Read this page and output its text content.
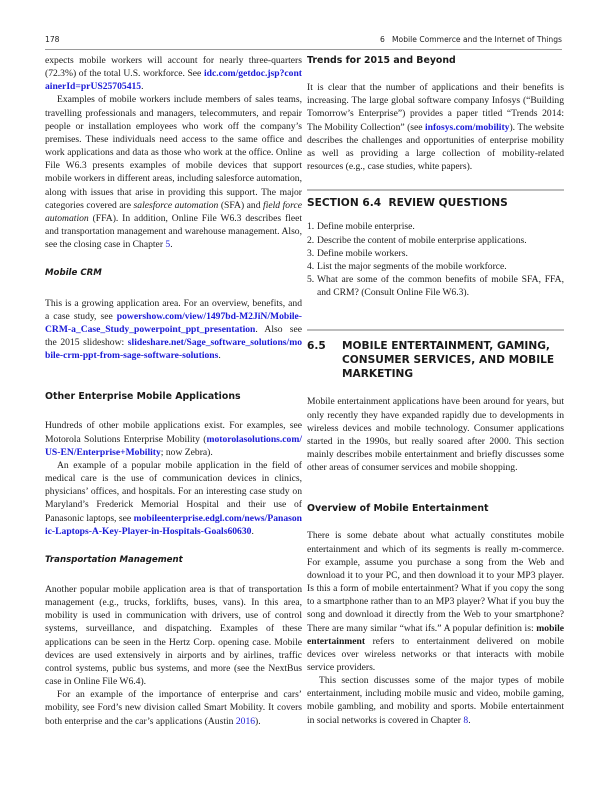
178	6   Mobile Commerce and the Internet of Things

expects mobile workers will account for nearly three-quarters (72.3%) of the total U.S. workforce. See idc.com/getdoc.jsp?containerId=prUS25705415.

Examples of mobile workers include members of sales teams, travelling professionals and managers, telecommuters, and repair people or installation employees who work off the company’s premises. These individuals need access to the same office and work applications and data as those who work at the office. Online File W6.3 presents examples of mobile devices that support mobile workers in different areas, including salesforce automation, along with issues that arise in providing this support. The major categories covered are salesforce automation (SFA) and field force automation (FFA). In addition, Online File W6.3 describes fleet and transportation management and warehouse management. Also, see the closing case in Chapter 5.

Mobile CRM

This is a growing application area. For an overview, benefits, and a case study, see powershow.com/view/1497bd-M2JiN/Mobile-CRM-a_Case_Study_powerpoint_ppt_presentation. Also see the 2015 slideshow: slideshare.net/Sage_software_solutions/mobile-crm-ppt-from-sage-software-solutions.

Other Enterprise Mobile Applications

Hundreds of other mobile applications exist. For examples, see Motorola Solutions Enterprise Mobility (motorolasolutions.com/US-EN/Enterprise+Mobility; now Zebra).

An example of a popular mobile application in the field of medical care is the use of communication devices in clinics, physicians’ offices, and hospitals. For an interesting case study on Maryland’s Frederick Memorial Hospital and their use of Panasonic laptops, see mobileenterprise.edgl.com/news/Panasonic-Laptops-A-Key-Player-in-Hospitals-Goals60630.

Transportation Management

Another popular mobile application area is that of transportation management (e.g., trucks, forklifts, buses, vans). In this area, mobility is used in communication with drivers, use of control systems, surveillance, and dispatching. Examples of these applications can be seen in the Hertz Corp. opening case. Mobile devices are used extensively in airports and by airlines, traffic control systems, public bus systems, and more (see the NextBus case in Online File W6.4).

For an example of the importance of enterprise and cars’ mobility, see Ford’s new division called Smart Mobility. It covers both enterprise and the car’s applications (Austin 2016).

Trends for 2015 and Beyond

It is clear that the number of applications and their benefits is increasing. The large global software company Infosys (“Building Tomorrow’s Enterprise”) provides a paper titled “Trends 2014: The Mobility Collection” (see infosys.com/mobility). The website describes the challenges and opportunities of enterprise mobility as well as providing a large collection of mobility-related resources (e.g., case studies, white papers).

SECTION 6.4  REVIEW QUESTIONS

1. Define mobile enterprise.
2. Describe the content of mobile enterprise applications.
3. Define mobile workers.
4. List the major segments of the mobile workforce.
5. What are some of the common benefits of mobile SFA, FFA, and CRM? (Consult Online File W6.3).
6.5	MOBILE ENTERTAINMENT, GAMING, CONSUMER SERVICES, AND MOBILE MARKETING

Mobile entertainment applications have been around for years, but only recently they have expanded rapidly due to developments in wireless devices and mobile technology. Consumer applications started in the 1990s, but really soared after 2000. This section mainly describes mobile entertainment and briefly discusses some other areas of consumer services and mobile shopping.

Overview of Mobile Entertainment

There is some debate about what actually constitutes mobile entertainment and which of its segments is really m-commerce. For example, assume you purchase a song from the Web and download it to your PC, and then download it to your MP3 player. Is this a form of mobile entertainment? What if you copy the song to a smartphone rather than to an MP3 player? What if you buy the song and download it directly from the Web to your smartphone? There are many similar “what ifs.” A popular definition is: mobile entertainment refers to entertainment delivered on mobile devices over wireless networks or that interacts with mobile service providers.

This section discusses some of the major types of mobile entertainment, including mobile music and video, mobile gaming, mobile gambling, and mobility and sports. Mobile entertainment in social networks is covered in Chapter 8.
